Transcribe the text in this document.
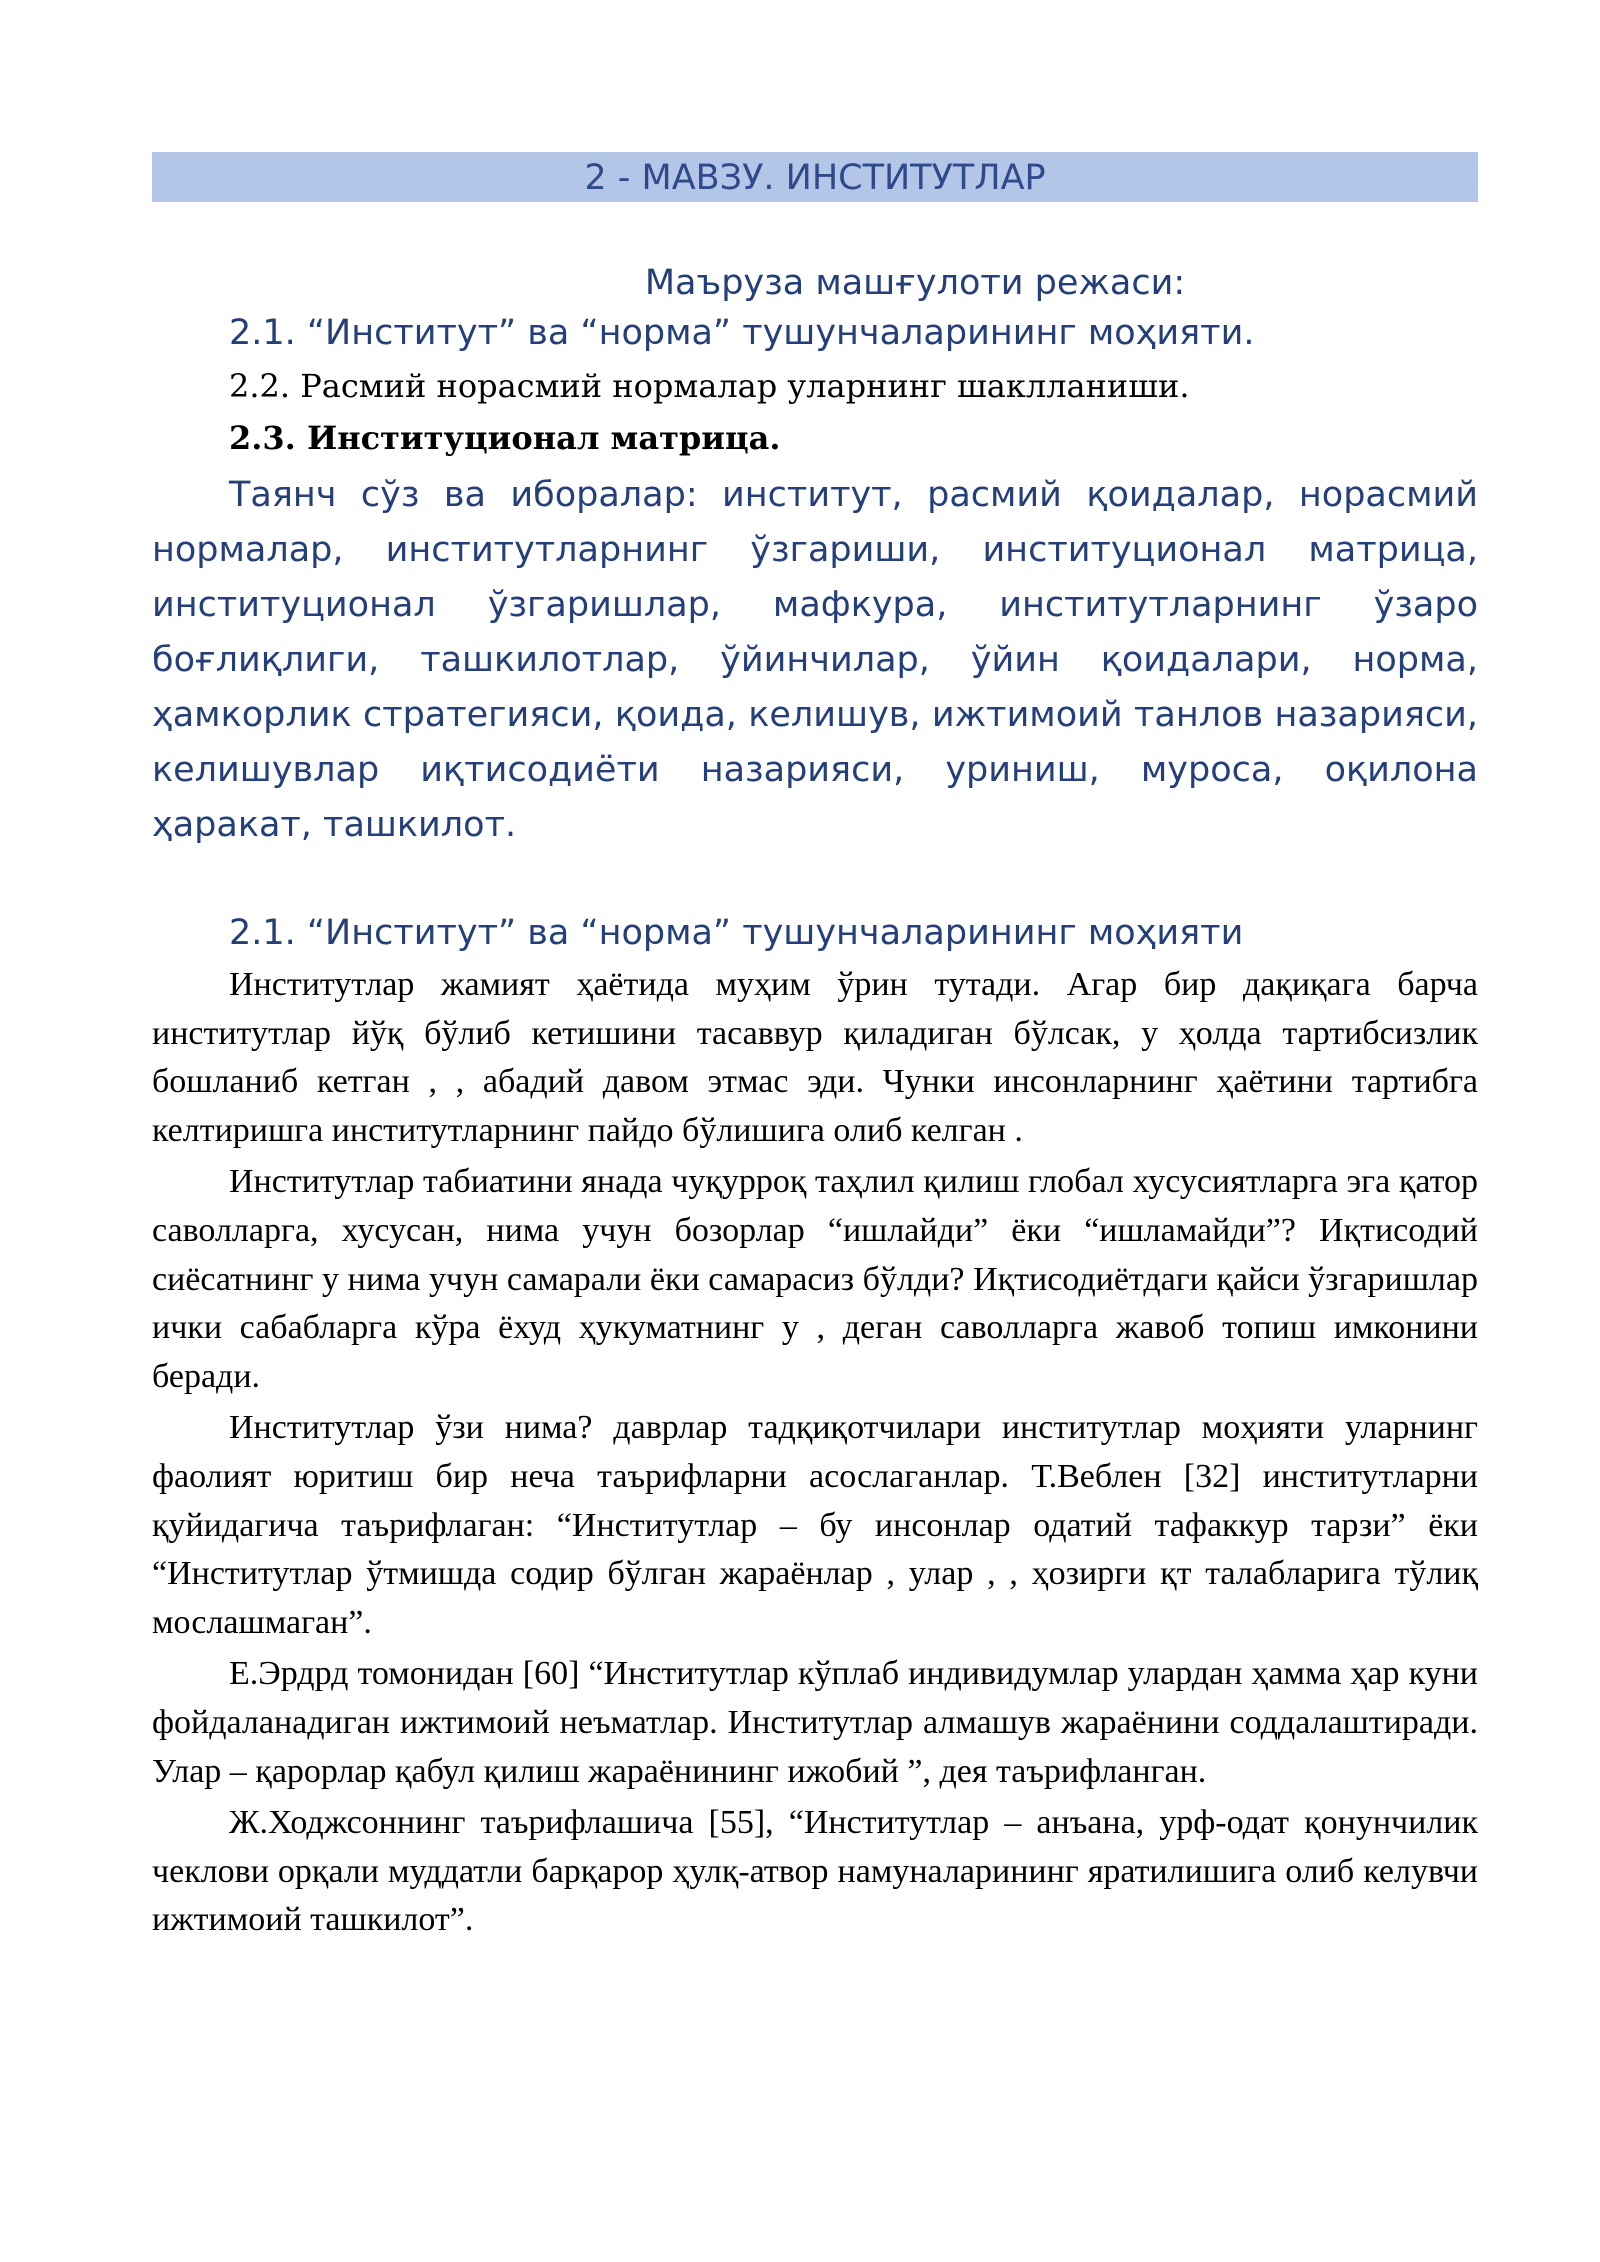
2 - МАВЗУ. ИНСТИТУТЛАР
Маъруза машғулоти режаси:
2.1. “Институт” ва “норма” тушунчаларининг моҳияти.
2.2. Расмий норасмий нормалар уларнинг шаклланиши.
2.3. Институционал матрица.
Таянч сўз ва иборалар: институт, расмий қоидалар, норасмий нормалар, институтларнинг ўзгариши, институционал матрица, институционал ўзгаришлар, мафкура, институтларнинг ўзаро боғлиқлиги, ташкилотлар, ўйинчилар, ўйин қоидалари, норма, ҳамкорлик стратегияси, қоида, келишув, ижтимоий танлов назарияси, келишувлар иқтисодиёти назарияси, уриниш, муроса, оқилона ҳаракат, ташкилот.
2.1. “Институт” ва “норма” тушунчаларининг моҳияти

Институтлар жамият ҳаётида муҳим ўрин тутади. Агар бир дақиқага барча институтлар йўқ бўлиб кетишини тасаввур қиладиган бўлсак, у ҳолда тартибсизлик бошланиб кетган , , абадий давом этмас эди. Чунки инсонларнинг ҳаётини тартибга келтиришга институтларнинг пайдо бўлишига олиб келган .

Институтлар табиатини янада чуқурроқ таҳлил қилиш глобал хусусиятларга эга қатор саволларга, хусусан, нима учун бозорлар “ишлайди” ёки “ишламайди”? Иқтисодий сиёсатнинг у нима учун самарали ёки самарасиз бўлди? Иқтисодиётдаги қайси ўзгаришлар ички сабабларга кўра ёхуд ҳукуматнинг у , деган саволларга жавоб топиш имконини беради.

Институтлар ўзи нима? даврлар тадқиқотчилари институтлар моҳияти уларнинг фаолият юритиш бир неча таърифларни асослаганлар. Т.Веблен [32] институтларни қуйидагича таърифлаган: “Институтлар – бу инсонлар одатий тафаккур тарзи” ёки “Институтлар ўтмишда содир бўлган жараёнлар , улар , , ҳозирги қт талабларига тўлиқ мослашмаган”.

Е.Эрдрд томонидан [60] “Институтлар кўплаб индивидумлар улардан ҳамма ҳар куни фойдаланадиган ижтимоий неъматлар. Институтлар алмашув жараёнини соддалаштиради. Улар – қарорлар қабул қилиш жараёнининг ижобий ”, дея таърифланган.

Ж.Ходжсоннинг таърифлашича [55], “Институтлар – анъана, урф-одат қонунчилик чеклови орқали муддатли барқарор ҳулқ-атвор намуналарининг яратилишига олиб келувчи ижтимоий ташкилот”.
